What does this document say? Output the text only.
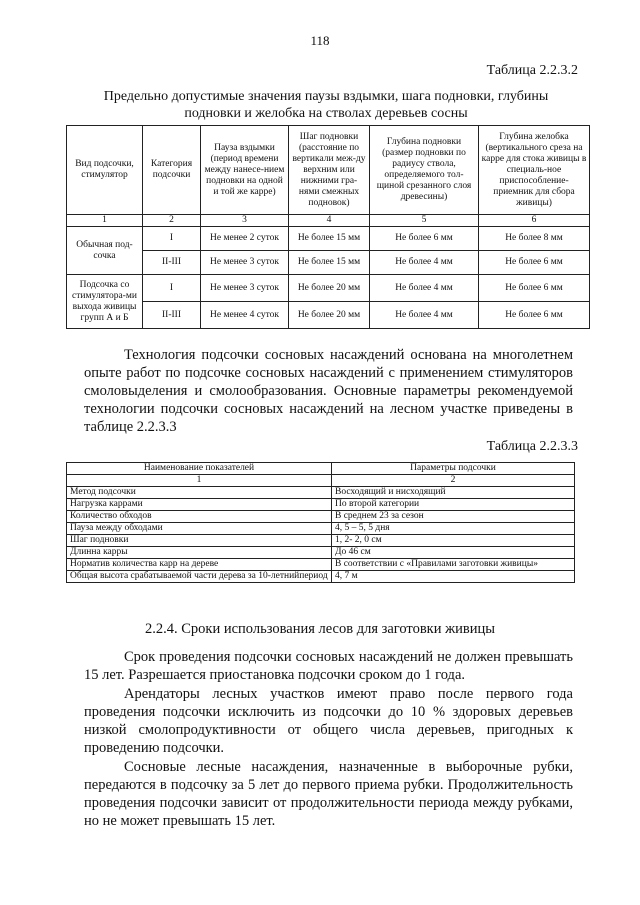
118
Таблица 2.2.3.2
Предельно допустимые значения паузы вздымки, шага подновки, глубины
подновки и желобка на стволах деревьев сосны
Вид подсочки, стимулятор	Категория подсочки	Пауза вздымки (период времени между нанесе-нием подновки на одной и той же карре)	Шаг подновки (расстояние по вертикали меж-ду верхним или нижними гра-нями смежных подновок)	Глубина подновки (размер подновки по радиусу ствола, определяемого тол-щиной срезанного слоя древесины)	Глубина желобка (вертикального среза на карре для стока живицы в специаль-ное приспособление-приемник для сбора живицы)
1	2	3	4	5	6
Обычная под-сочка	I	Не менее 2 суток	Не более 15 мм	Не более 6 мм	Не более 8 мм
	II-III	Не менее 3 суток	Не более 15 мм	Не более 4 мм	Не более 6 мм
Подсочка со стимуляторa-ми выхода живицы групп А и Б	I	Не менее 3 суток	Не более 20 мм	Не более 4 мм	Не более 6 мм
	II-III	Не менее 4 суток	Не более 20 мм	Не более 4 мм	Не более 6 мм

Технология подсочки сосновых насаждений основана на многолетнем опыте работ по подсочке сосновых насаждений с применением стимуляторов смоловыделения и смолообразования. Основные параметры рекомендуемой технологии подсочки сосновых насаждений на лесном участке приведены в таблице 2.2.3.3

Таблица 2.2.3.3
Наименование показателей	Параметры подсочки
1	2
Метод подсочки	Восходящий и нисходящий
Нагрузка каррами	По второй категории
Количество обходов	В среднем 23 за сезон
Пауза между обходами	4, 5 – 5, 5 дня
Шаг подновки	1, 2- 2, 0 см
Длинна карры	До 46 см
Норматив количества карр на дереве	В соответствии с «Правилами заготовки живицы»
Общая высота срабатываемой части дерева за 10-летнийпериод	4, 7 м
2.2.4. Сроки использования лесов для заготовки живицы

Срок проведения подсочки сосновых насаждений не должен превышать 15 лет. Разрешается приостановка подсочки сроком до 1 года.

Арендаторы лесных участков имеют право после первого года проведения подсочки исключить из подсочки до 10 % здоровых деревьев низкой смолопродуктивности от общего числа деревьев, пригодных к проведению подсочки.

Сосновые лесные насаждения, назначенные в выборочные рубки, передаются в подсочку за 5 лет до первого приема рубки. Продолжительность проведения подсочки зависит от продолжительности периода между рубками, но не может превышать 15 лет.
